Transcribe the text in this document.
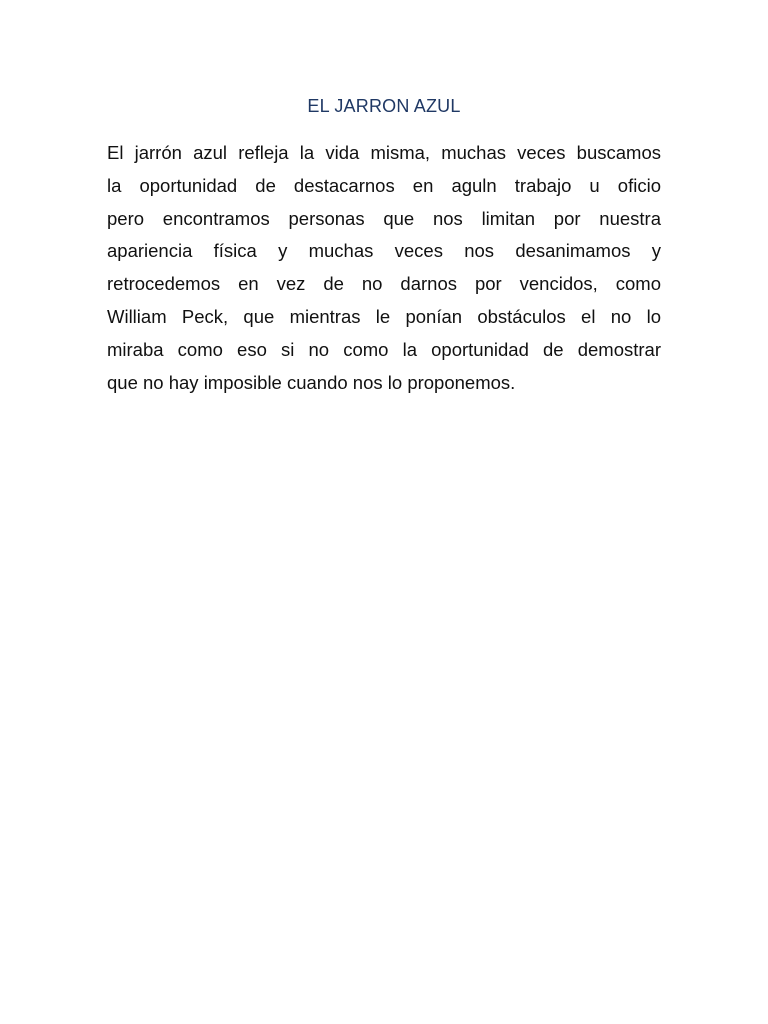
EL JARRON AZUL
El jarrón azul refleja la vida misma, muchas veces buscamos
la oportunidad de destacarnos en aguln trabajo u oficio
pero encontramos personas que nos limitan por nuestra
apariencia física y muchas veces nos desanimamos y
retrocedemos en vez de no darnos por vencidos, como
William Peck, que mientras le ponían obstáculos el no lo
miraba como eso si no como la oportunidad de demostrar
que no hay imposible cuando nos lo proponemos.
